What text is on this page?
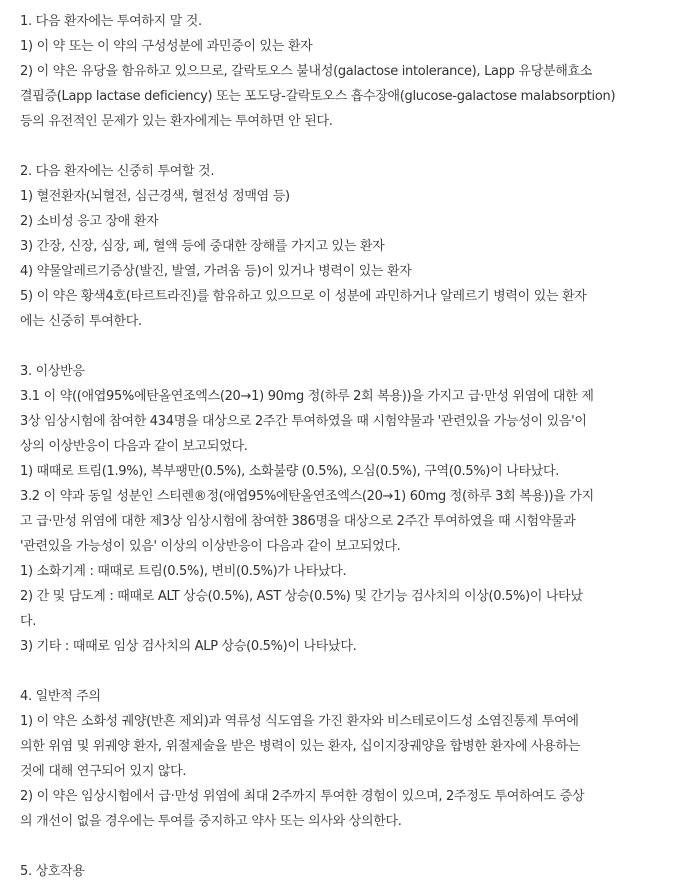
1. 다음 환자에는 투여하지 말 것.
1) 이 약 또는 이 약의 구성성분에 과민증이 있는 환자
2) 이 약은 유당을 함유하고 있으므로, 갈락토오스 불내성(galactose intolerance), Lapp 유당분해효소
결핍증(Lapp lactase deficiency) 또는 포도당-갈락토오스 흡수장애(glucose-galactose malabsorption)
등의 유전적인 문제가 있는 환자에게는 투여하면 안 된다.
2. 다음 환자에는 신중히 투여할 것.
1) 혈전환자(뇌혈전, 심근경색, 혈전성 정맥염 등)
2) 소비성 응고 장애 환자
3) 간장, 신장, 심장, 폐, 혈액 등에 중대한 장해를 가지고 있는 환자
4) 약물알레르기증상(발진, 발열, 가려움 등)이 있거나 병력이 있는 환자
5) 이 약은 황색4호(타르트라진)를 함유하고 있으므로 이 성분에 과민하거나 알레르기 병력이 있는 환자
에는 신중히 투여한다.
3. 이상반응
3.1 이 약((애엽95%에탄올연조엑스(20→1) 90mg 정(하루 2회 복용))을 가지고 급·만성 위염에 대한 제
3상 임상시험에 참여한 434명을 대상으로 2주간 투여하였을 때 시험약물과 '관련있을 가능성이 있음'이
상의 이상반응이 다음과 같이 보고되었다.
1) 때때로 트림(1.9%), 복부팽만(0.5%), 소화불량 (0.5%), 오심(0.5%), 구역(0.5%)이 나타났다.
3.2 이 약과 동일 성분인 스티렌®정(애엽95%에탄올연조엑스(20→1) 60mg 정(하루 3회 복용))을 가지
고 급·만성 위염에 대한 제3상 임상시험에 참여한 386명을 대상으로 2주간 투여하였을 때 시험약물과
'관련있을 가능성이 있음' 이상의 이상반응이 다음과 같이 보고되었다.
1) 소화기계 : 때때로 트림(0.5%), 변비(0.5%)가 나타났다.
2) 간 및 담도계 : 때때로 ALT 상승(0.5%), AST 상승(0.5%) 및 간기능 검사치의 이상(0.5%)이 나타났
다.
3) 기타 : 때때로 임상 검사치의 ALP 상승(0.5%)이 나타났다.
4. 일반적 주의
1) 이 약은 소화성 궤양(반흔 제외)과 역류성 식도염을 가진 환자와 비스테로이드성 소염진통제 투여에
의한 위염 및 위궤양 환자, 위절제술을 받은 병력이 있는 환자, 십이지장궤양을 합병한 환자에 사용하는
것에 대해 연구되어 있지 않다.
2) 이 약은 임상시험에서 급·만성 위염에 최대 2주까지 투여한 경험이 있으며, 2주정도 투여하여도 증상
의 개선이 없을 경우에는 투여를 중지하고 약사 또는 의사와 상의한다.
5. 상호작용
